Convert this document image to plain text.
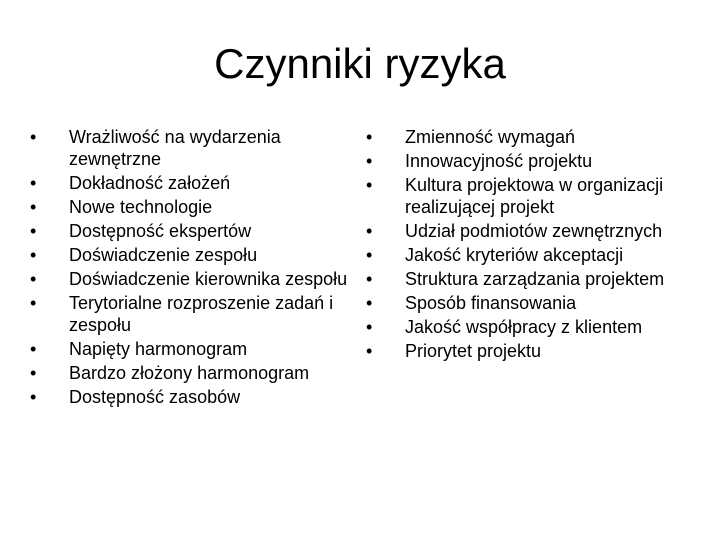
Czynniki ryzyka
•	Wrażliwość na wydarzenia zewnętrzne
•	Dokładność założeń
•	Nowe technologie
•	Dostępność ekspertów
•	Doświadczenie zespołu
•	Doświadczenie kierownika zespołu
•	Terytorialne rozproszenie zadań i zespołu
•	Napięty harmonogram
•	Bardzo złożony harmonogram
•	Dostępność zasobów
•	Zmienność wymagań
•	Innowacyjność projektu
•	Kultura projektowa w organizacji realizującej projekt
•	Udział podmiotów zewnętrznych
•	Jakość kryteriów akceptacji
•	Struktura zarządzania projektem
•	Sposób finansowania
•	Jakość współpracy z klientem
•	Priorytet projektu
